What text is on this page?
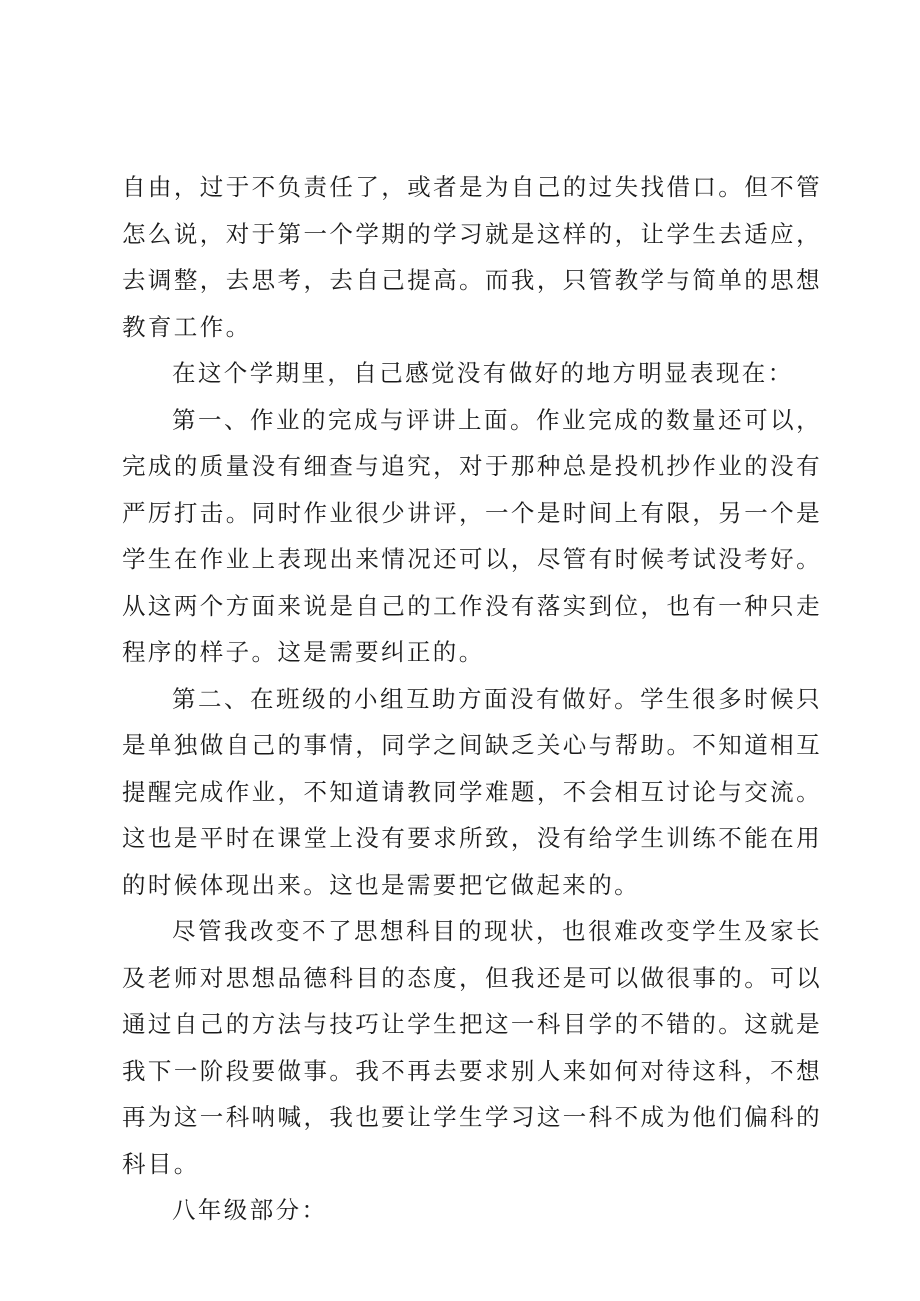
自由，过于不负责任了，或者是为自己的过失找借口。但不管怎么说，对于第一个学期的学习就是这样的，让学生去适应，去调整，去思考，去自己提高。而我，只管教学与简单的思想教育工作。

在这个学期里，自己感觉没有做好的地方明显表现在：

第一、作业的完成与评讲上面。作业完成的数量还可以，完成的质量没有细查与追究，对于那种总是投机抄作业的没有严厉打击。同时作业很少讲评，一个是时间上有限，另一个是学生在作业上表现出来情况还可以，尽管有时候考试没考好。从这两个方面来说是自己的工作没有落实到位，也有一种只走程序的样子。这是需要纠正的。

第二、在班级的小组互助方面没有做好。学生很多时候只是单独做自己的事情，同学之间缺乏关心与帮助。不知道相互提醒完成作业，不知道请教同学难题，不会相互讨论与交流。这也是平时在课堂上没有要求所致，没有给学生训练不能在用的时候体现出来。这也是需要把它做起来的。

尽管我改变不了思想科目的现状，也很难改变学生及家长及老师对思想品德科目的态度，但我还是可以做很事的。可以通过自己的方法与技巧让学生把这一科目学的不错的。这就是我下一阶段要做事。我不再去要求别人来如何对待这科，不想再为这一科呐喊，我也要让学生学习这一科不成为他们偏科的科目。

八年级部分：
